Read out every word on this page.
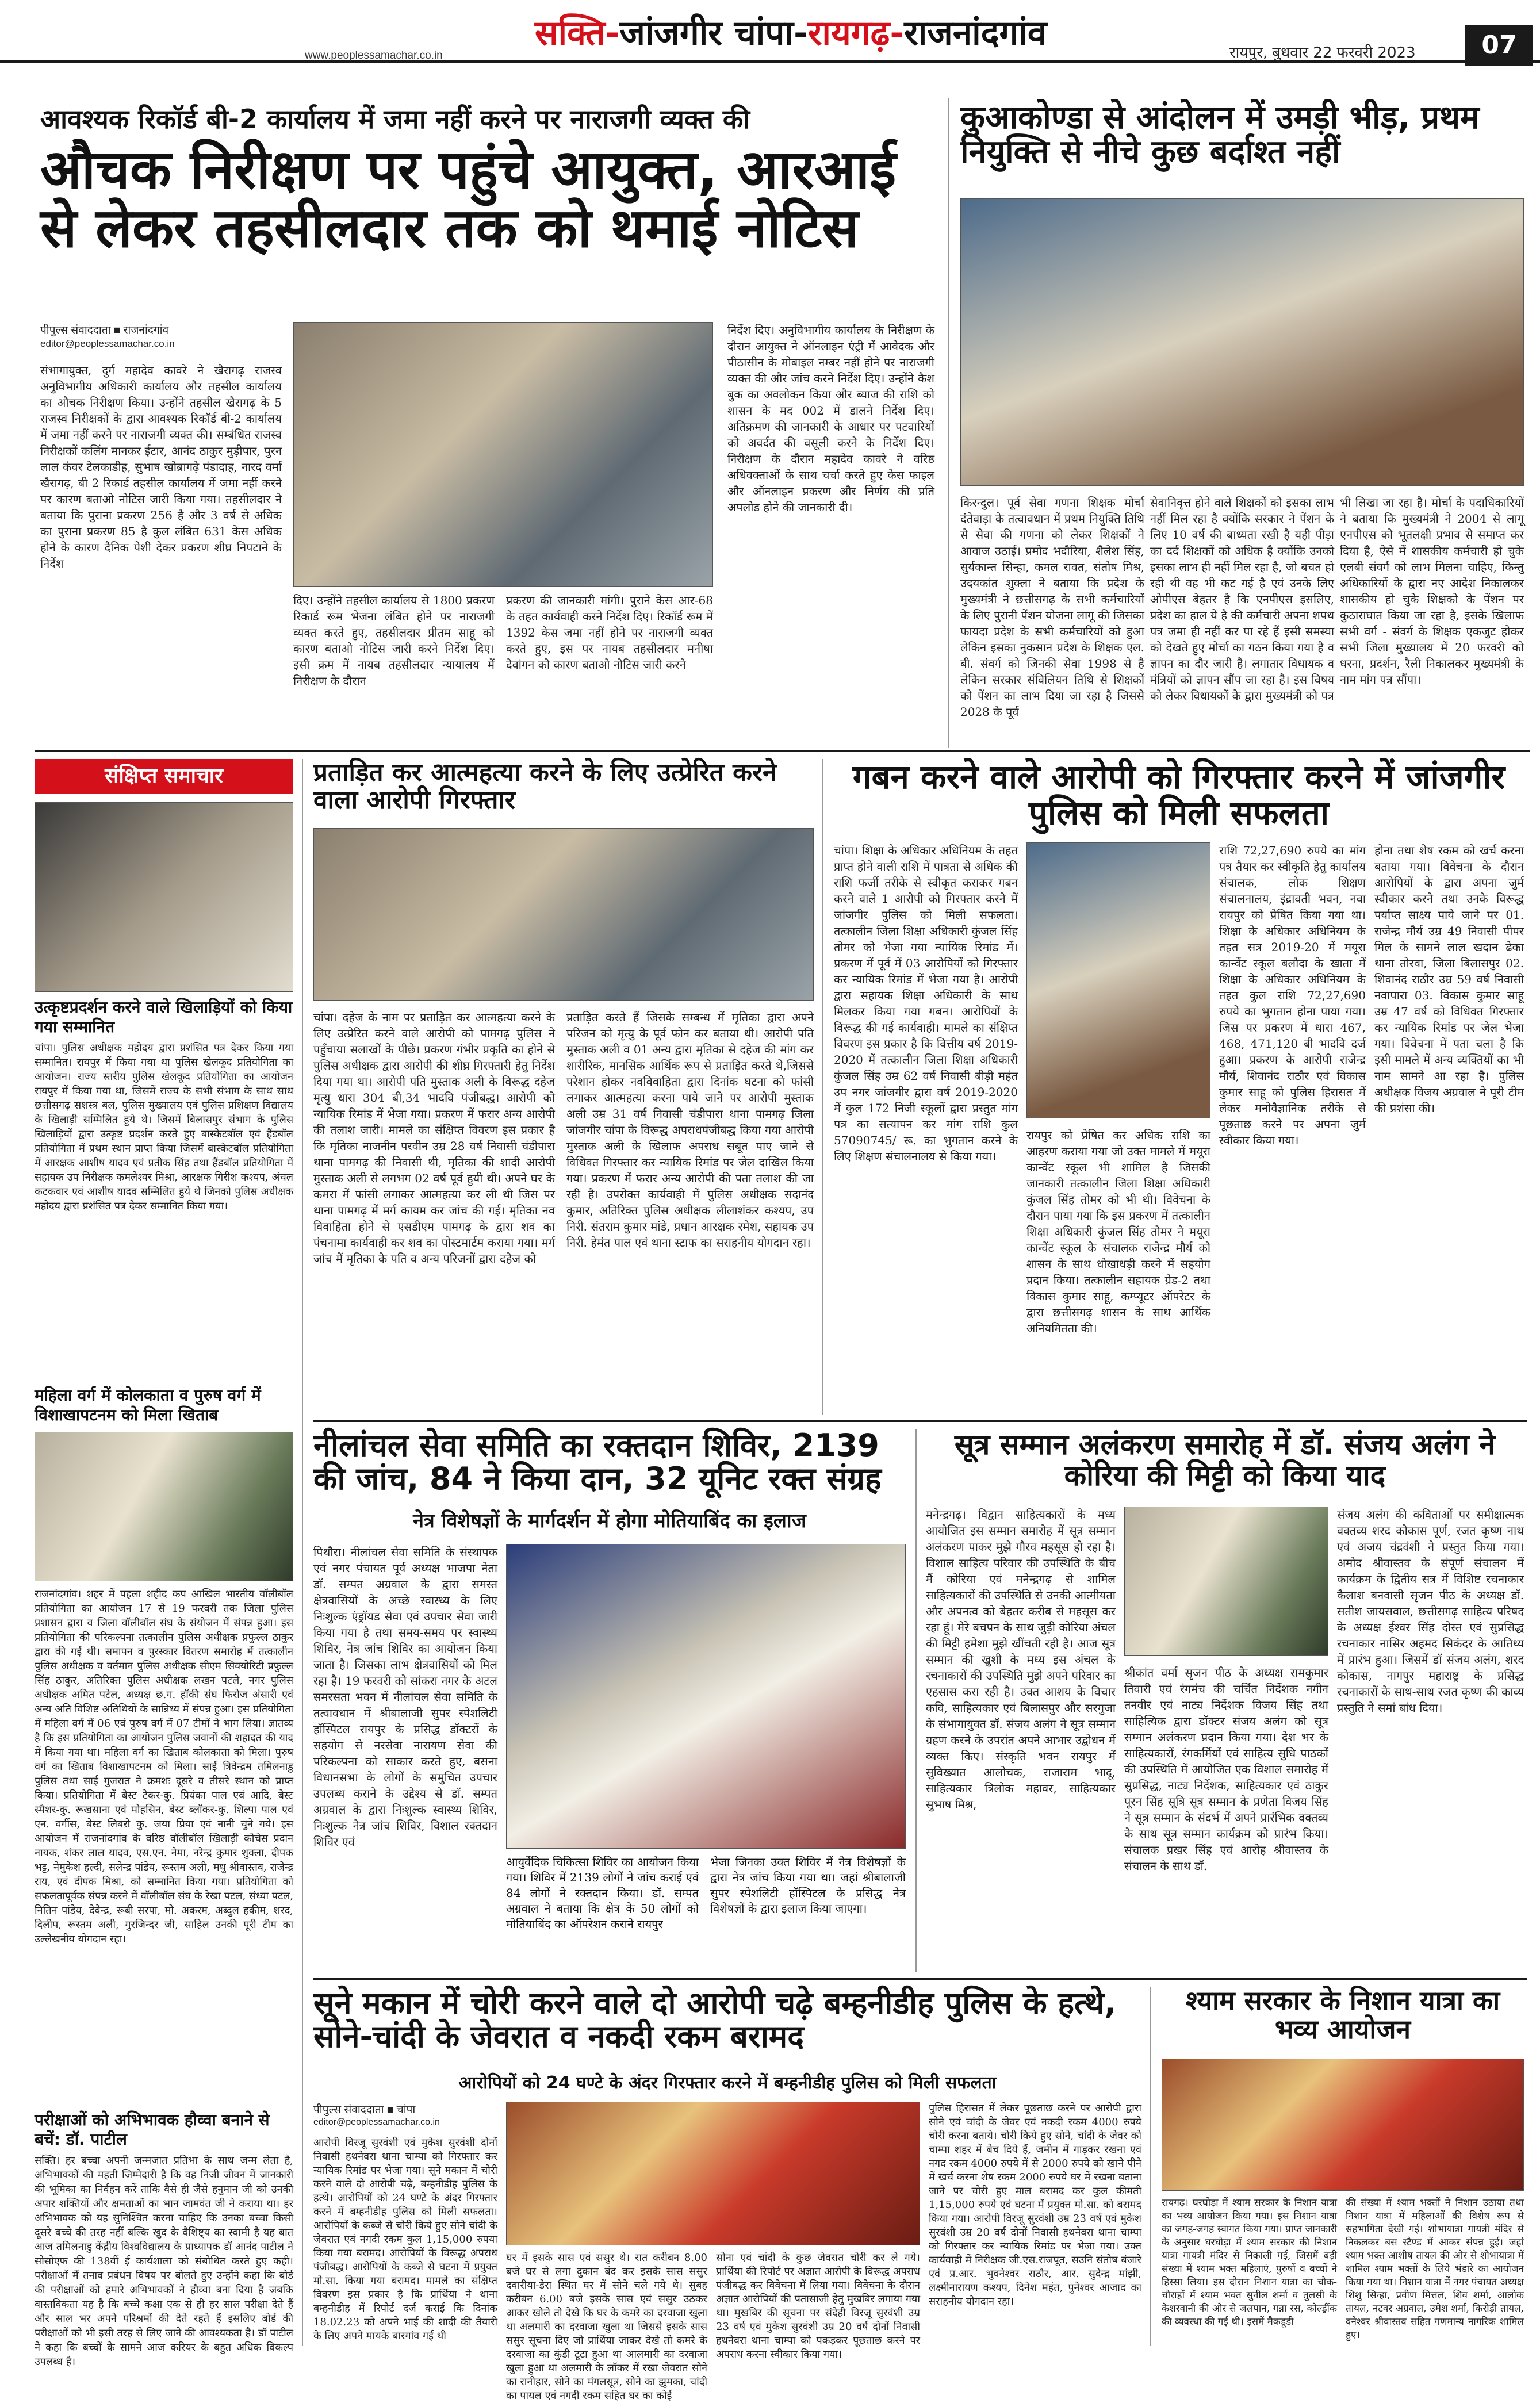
www.peoplessamachar.co.in
सक्ति-जांजगीर चांपा-रायगढ़-राजनांदगांव	रायपुर, बुधवार 22 फरवरी 2023	07
आवश्यक रिकॉर्ड बी-2 कार्यालय में जमा नहीं करने पर नाराजगी व्यक्त की
औचक निरीक्षण पर पहुंचे आयुक्त, आरआई से लेकर तहसीलदार तक को थमाई नोटिस
पीपुल्स संवाददाता ■ राजनांदगांव
editor@peoplessamachar.co.in
संभागायुक्त, दुर्ग महादेव कावरे ने खैरागढ़ राजस्व अनुविभागीय अधिकारी कार्यालय और तहसील कार्यालय का औचक निरीक्षण किया। उन्होंने तहसील खैरागढ़ के 5 राजस्व निरीक्षकों के द्वारा आवश्यक रिकॉर्ड बी-2 कार्यालय में जमा नहीं करने पर नाराजगी व्यक्त की। सम्बंधित राजस्व निरीक्षकों कलिंग मानकर ईटार, आनंद ठाकुर मुड़ीपार, पुरन लाल कंवर टेलकाडीह, सुभाष खोब्रागढ़े पंडादाह, नारद वर्मा खैरागढ़, बी 2 रिकार्ड तहसील कार्यालय में जमा नहीं करने पर कारण बताओ नोटिस जारी किया गया। तहसीलदार ने बताया कि पुराना प्रकरण 256 है और 3 वर्ष से अधिक का पुराना प्रकरण 85 है कुल लंबित 631 केस अधिक होने के कारण दैनिक पेशी देकर प्रकरण शीघ्र निपटाने के निर्देश
दिए। उन्होंने तहसील कार्यालय से 1800 प्रकरण रिकार्ड रूम भेजना लंबित होने पर नाराजगी व्यक्त करते हुए, तहसीलदार प्रीतम साहू को कारण बताओ नोटिस जारी करने निर्देश दिए। इसी क्रम में नायब तहसीलदार न्यायालय में निरीक्षण के दौरान
प्रकरण की जानकारी मांगी। पुराने केस आर-68 के तहत कार्यवाही करने निर्देश दिए। रिकॉर्ड रूम में 1392 केस जमा नहीं होने पर नाराजगी व्यक्त करते हुए, इस पर नायब तहसीलदार मनीषा देवांगन को कारण बताओ नोटिस जारी करने
निर्देश दिए। अनुविभागीय कार्यालय के निरीक्षण के दौरान आयुक्त ने ऑनलाइन एंट्री में आवेदक और पीठासीन के मोबाइल नम्बर नहीं होने पर नाराजगी व्यक्त की और जांच करने निर्देश दिए। उन्होंने कैश बुक का अवलोकन किया और ब्याज की राशि को शासन के मद 002 में डालने निर्देश दिए। अतिक्रमण की जानकारी के आधार पर पटवारियों को अवर्दत की वसूली करने के निर्देश दिए। निरीक्षण के दौरान महादेव कावरे ने वरिष्ठ अधिवक्ताओं के साथ चर्चा करते हुए केस फाइल और ऑनलाइन प्रकरण और निर्णय की प्रति अपलोड होने की जानकारी दी।
कुआकोण्डा से आंदोलन में उमड़ी भीड़, प्रथम नियुक्ति से नीचे कुछ बर्दाश्त नहीं
किरन्दुल। पूर्व सेवा गणना शिक्षक मोर्चा दंतेवाड़ा के तत्वावधान में प्रथम नियुक्ति तिथि से सेवा की गणना को लेकर शिक्षकों ने आवाज उठाई। प्रमोद भदौरिया, शैलेश सिंह, सुर्यकान्त सिन्हा, कमल रावत, संतोष मिश्र, उदयकांत शुक्ला ने बताया कि प्रदेश के मुख्यमंत्री ने छत्तीसगढ़ के सभी कर्मचारियों के लिए पुरानी पेंशन योजना लागू की जिसका फायदा प्रदेश के सभी कर्मचारियों को हुआ लेकिन इसका नुकसान प्रदेश के शिक्षक एल. बी. संवर्ग को जिनकी सेवा 1998 से है लेकिन सरकार संविलियन तिथि से शिक्षकों को पेंशन का लाभ दिया जा रहा है जिससे 2028 के पूर्व
सेवानिवृत्त होने वाले शिक्षकों को इसका लाभ नहीं मिल रहा है क्योंकि सरकार ने पेंशन के लिए 10 वर्ष की बाध्यता रखी है यही पीड़ा का दर्द शिक्षकों को अधिक है क्योंकि उनको इसका लाभ ही नहीं मिल रहा है, जो बचत हो रही थी वह भी कट गई है एवं उनके लिए ओपीएस बेहतर है कि एनपीएस इसलिए, प्रदेश का हाल ये है की कर्मचारी अपना शपथ पत्र जमा ही नहीं कर पा रहे हैं इसी समस्या को देखते हुए मोर्चा का गठन किया गया है व ज्ञापन का दौर जारी है। लगातार विधायक व मंत्रियों को ज्ञापन सौंप जा रहा है। इस विषय को लेकर विधायकों के द्वारा मुख्यमंत्री को पत्र
भी लिखा जा रहा है। मोर्चा के पदाधिकारियों ने बताया कि मुख्यमंत्री ने 2004 से लागू एनपीएस को भूतलक्षी प्रभाव से समाप्त कर दिया है, ऐसे में शासकीय कर्मचारी हो चुके एलबी संवर्ग को लाभ मिलना चाहिए, किन्तु अधिकारियों के द्वारा नए आदेश निकालकर शासकीय हो चुके शिक्षको के पेंशन पर कुठाराघात किया जा रहा है, इसके खिलाफ सभी वर्ग - संवर्ग के शिक्षक एकजुट होकर सभी जिला मुख्यालय में 20 फरवरी को धरना, प्रदर्शन, रैली निकालकर मुख्यमंत्री के नाम मांग पत्र सौंपा।
संक्षिप्त समाचार
उत्कृष्टप्रदर्शन करने वाले खिलाड़ियों को किया गया सम्मानित
चांपा। पुलिस अधीक्षक महोदय द्वारा प्रशंसित पत्र देकर किया गया सम्मानित। रायपुर में किया गया था पुलिस खेलकूद प्रतियोगिता का आयोजन। राज्य स्तरीय पुलिस खेलकूद प्रतियोगिता का आयोजन रायपुर में किया गया था, जिसमें राज्य के सभी संभाग के साथ साथ छत्तीसगढ़ सशस्त्र बल, पुलिस मुख्यालय एवं पुलिस प्रशिक्षण विद्यालय के खिलाड़ी सम्मिलित हुये थे। जिसमें बिलासपुर संभाग के पुलिस खिलाड़ियों द्वारा उत्कृष्ट प्रदर्शन करते हुए बास्केटबॉल एवं हैंडबॉल प्रतियोगिता में प्रथम स्थान प्राप्त किया जिसमें बास्केटबॉल प्रतियोगिता में आरक्षक आशीष यादव एवं प्रतीक सिंह तथा हैंडबॉल प्रतियोगिता में सहायक उप निरीक्षक कमलेश्वर मिश्रा, आरक्षक गिरीश कश्यप, अंचल कटकवार एवं आशीष यादव सम्मिलित हुये थे जिनको पुलिस अधीक्षक महोदय द्वारा प्रशंसित पत्र देकर सम्मानित किया गया।
महिला वर्ग में कोलकाता व पुरुष वर्ग में विशाखापटनम को मिला खिताब
राजनांदगांव। शहर में पहला शहीद कप आखिल भारतीय वॉलीबॉल प्रतियोगिता का आयोजन 17 से 19 फरवरी तक जिला पुलिस प्रशासन द्वारा व जिला वॉलीबॉल संघ के संयोजन में संपन्न हुआ। इस प्रतियोगिता की परिकल्पना तत्कालीन पुलिस अधीक्षक प्रफुल्ल ठाकुर द्वारा की गई थी। समापन व पुरस्कार वितरण समारोह में तत्कालीन पुलिस अधीक्षक व वर्तमान पुलिस अधीक्षक सीएम सिक्योरिटी प्रफुल्ल सिंह ठाकुर, अतिरिक्त पुलिस अधीक्षक लखन पटले, नगर पुलिस अधीक्षक अमित पटेल, अध्यक्ष छ.ग. हॉकी संघ फिरोज अंसारी एवं अन्य अति विशिष्ट अतिथियों के सान्निध्य में संपन्न हुआ। इस प्रतियोगिता में महिला वर्ग में 06 एवं पुरुष वर्ग में 07 टीमों ने भाग लिया। ज्ञातव्य है कि इस प्रतियोगिता का आयोजन पुलिस जवानों की शहादत की याद में किया गया था। महिला वर्ग का खिताब कोलकाता को मिला। पुरुष वर्ग का खिताब विशाखापटनम को मिला। साई त्रिवेन्द्रम तमिलनाडु पुलिस तथा साई गुजरात ने क्रमशः दूसरे व तीसरे स्थान को प्राप्त किया। प्रतियोगिता में बेस्ट टेकर-कु. प्रियंका पाल एवं आदि, बेस्ट स्मैशर-कु. रूखसाना एवं मोहसिन, बेस्ट ब्लॉकर-कु. शिल्पा पाल एवं एन. वर्गीस, बेस्ट लिबरो कु. जया प्रिया एवं नानी चुने गये। इस आयोजन में राजनांदगांव के वरिष्ठ वॉलीबॉल खिलाड़ी कोचेस प्रदान नायक, शंकर लाल यादव, एस.एन. नेमा, नरेन्द्र कुमार शुक्ला, दीपक भट्ट, नेमुकेश हल्दी, सलेन्द्र पांडेय, रूस्तम अली, मधु श्रीवास्तव, राजेन्द्र राय, एवं दीपक मिश्रा, को सम्मानित किया गया। प्रतियोगिता को सफलतापूर्वक संपन्न करने में वॉलीबॉल संघ के रेखा पटल, संध्या पटल, नितिन पांडेय, देवेन्द्र, रूबी सरपा, मो. अकरम, अब्दुल हकीम, शरद, दिलीप, रूस्तम अली, गुरजिन्दर जी, साहिल उनकी पूरी टीम का उल्लेखनीय योगदान रहा।
परीक्षाओं को अभिभावक हौव्वा बनाने से बचें: डॉ. पाटील
सक्ति। हर बच्चा अपनी जन्मजात प्रतिभा के साथ जन्म लेता है, अभिभावकों की महती जिम्मेदारी है कि वह निजी जीवन में जानकारी की भूमिका का निर्वहन करें ताकि वैसे ही जैसे हनुमान जी को उनकी अपार शक्तियों और क्षमताओं का भान जामवंत जी ने कराया था। हर अभिभावक को यह सुनिश्चित करना चाहिए कि उनका बच्चा किसी दूसरे बच्चे की तरह नहीं बल्कि खुद के वैशिष्ट्य का स्वामी है यह बात आज तमिलनाडु केंद्रीय विश्वविद्यालय के प्राध्यापक डॉ आनंद पाटील ने सोसोएफ की 138वीं ई कार्यशाला को संबोधित करते हुए कही। परीक्षाओं में तनाव प्रबंधन विषय पर बोलते हुए उन्होंने कहा कि बोर्ड की परीक्षाओं को हमारे अभिभावकों ने हौव्वा बना दिया है जबकि वास्तविकता यह है कि बच्चे कक्षा एक से ही हर साल परीक्षा देते हैं और साल भर अपने परिश्रमों की देते रहते हैं इसलिए बोर्ड की परीक्षाओं को भी इसी तरह से लिए जाने की आवश्यकता है। डॉ पाटील ने कहा कि बच्चों के सामने आज करियर के बहुत अधिक विकल्प उपलब्ध है।
प्रताड़ित कर आत्महत्या करने के लिए उत्प्रेरित करने वाला आरोपी गिरफ्तार
चांपा। दहेज के नाम पर प्रताड़ित कर आत्महत्या करने के लिए उत्प्रेरित करने वाले आरोपी को पामगढ़ पुलिस ने पहुँचाया सलाखों के पीछे। प्रकरण गंभीर प्रकृति का होने से पुलिस अधीक्षक द्वारा आरोपी की शीघ्र गिरफ्तारी हेतु निर्देश दिया गया था। आरोपी पति मुस्ताक अली के विरूद्ध दहेज मृत्यु धारा 304 बी,34 भादवि पंजीबद्ध। आरोपी को न्यायिक रिमांड में भेजा गया। प्रकरण में फरार अन्य आरोपी की तलाश जारी। मामले का संक्षिप्त विवरण इस प्रकार है कि मृतिका नाजनीन परवीन उम्र 28 वर्ष निवासी चंडीपारा थाना पामगढ़ की निवासी थी, मृतिका की शादी आरोपी मुस्ताक अली से लगभग 02 वर्ष पूर्व हुयी थी। अपने घर के कमरा में फांसी लगाकर आत्महत्या कर ली थी जिस पर थाना पामगढ़ में मर्ग कायम कर जांच की गई। मृतिका नव विवाहिता होने से एसडीएम पामगढ़ के द्वारा शव का पंचनामा कार्यवाही कर शव का पोस्टमार्टम कराया गया। मर्ग जांच में मृतिका के पति व अन्य परिजनों द्वारा दहेज को
प्रताड़ित करते हैं जिसके सम्बन्ध में मृतिका द्वारा अपने परिजन को मृत्यु के पूर्व फोन कर बताया थी। आरोपी पति मुस्ताक अली व 01 अन्य द्वारा मृतिका से दहेज की मांग कर शारीरिक, मानसिक आर्थिक रूप से प्रताड़ित करते थे,जिससे परेशान होकर नवविवाहिता द्वारा दिनांक घटना को फांसी लगाकर आत्महत्या करना पाये जाने पर आरोपी मुस्ताक अली उम्र 31 वर्ष निवासी चंडीपारा थाना पामगढ़ जिला जांजगीर चांपा के विरूद्ध अपराधपंजीबद्ध किया गया आरोपी मुस्ताक अली के खिलाफ अपराध सबूत पाए जाने से विधिवत गिरफ्तार कर न्यायिक रिमांड पर जेल दाखिल किया गया। प्रकरण में फरार अन्य आरोपी की पता तलाश की जा रही है। उपरोक्त कार्यवाही में पुलिस अधीक्षक सदानंद कुमार, अतिरिक्त पुलिस अधीक्षक लीलाशंकर कश्यप, उप निरी. संतराम कुमार मांडे, प्रधान आरक्षक रमेश, सहायक उप निरी. हेमंत पाल एवं थाना स्टाफ का सराहनीय योगदान रहा।
गबन करने वाले आरोपी को गिरफ्तार करने में जांजगीर पुलिस को मिली सफलता
चांपा। शिक्षा के अधिकार अधिनियम के तहत प्राप्त होने वाली राशि में पात्रता से अधिक की राशि फर्जी तरीके से स्वीकृत कराकर गबन करने वाले 1 आरोपी को गिरफ्तार करने में जांजगीर पुलिस को मिली सफलता। तत्कालीन जिला शिक्षा अधिकारी कुंजल सिंह तोमर को भेजा गया न्यायिक रिमांड में। प्रकरण में पूर्व में 03 आरोपियों को गिरफ्तार कर न्यायिक रिमांड में भेजा गया है। आरोपी द्वारा सहायक शिक्षा अधिकारी के साथ मिलकर किया गया गबन। आरोपियों के विरूद्ध की गई कार्यवाही। मामले का संक्षिप्त विवरण इस प्रकार है कि वित्तीय वर्ष 2019-2020 में तत्कालीन जिला शिक्षा अधिकारी कुंजल सिंह उम्र 62 वर्ष निवासी बीड़ी महंत उप नगर जांजगीर द्वारा वर्ष 2019-2020 में कुल 172 निजी स्कूलों द्वारा प्रस्तुत मांग पत्र का सत्यापन कर मांग राशि कुल 57090745/ रू. का भुगतान करने के लिए शिक्षण संचालनालय से किया गया।
रायपुर को प्रेषित कर अधिक राशि का आहरण कराया गया जो उक्त मामले में मयूरा कान्वेंट स्कूल भी शामिल है जिसकी जानकारी तत्कालीन जिला शिक्षा अधिकारी कुंजल सिंह तोमर को भी थी। विवेचना के दौरान पाया गया कि इस प्रकरण में तत्कालीन शिक्षा अधिकारी कुंजल सिंह तोमर ने मयूरा कान्वेंट स्कूल के संचालक राजेन्द्र मौर्य को शासन के साथ धोखाधड़ी करने में सहयोग प्रदान किया। तत्कालीन सहायक ग्रेड-2 तथा विकास कुमार साहू, कम्प्यूटर ऑपरेटर के द्वारा छत्तीसगढ़ शासन के साथ आर्थिक अनियमितता की।
राशि 72,27,690 रुपये का मांग पत्र तैयार कर स्वीकृति हेतु कार्यालय संचालक, लोक शिक्षण संचालनालय, इंद्रावती भवन, नवा रायपुर को प्रेषित किया गया था। शिक्षा के अधिकार अधिनियम के तहत सत्र 2019-20 में मयूरा कान्वेंट स्कूल बलौदा के खाता में शिक्षा के अधिकार अधिनियम के तहत कुल राशि 72,27,690 रुपये का भुगतान होना पाया गया। जिस पर प्रकरण में धारा 467, 468, 471,120 बी भादवि दर्ज हुआ। प्रकरण के आरोपी राजेन्द्र मौर्य, शिवानंद राठौर एवं विकास कुमार साहू को पुलिस हिरासत में लेकर मनोवैज्ञानिक तरीके से पूछताछ करने पर अपना जुर्म स्वीकार किया गया।
होना तथा शेष रकम को खर्च करना बताया गया। विवेचना के दौरान आरोपियों के द्वारा अपना जुर्म स्वीकार करने तथा उनके विरूद्ध पर्याप्त साक्ष्य पाये जाने पर 01. राजेन्द्र मौर्य उम्र 49 निवासी पीपर मिल के सामने लाल खदान ढेका थाना तोरवा, जिला बिलासपुर 02. शिवानंद राठौर उम्र 59 वर्ष निवासी नवापारा 03. विकास कुमार साहू उम्र 47 वर्ष को विधिवत गिरफ्तार कर न्यायिक रिमांड पर जेल भेजा गया। विवेचना में पता चला है कि इसी मामले में अन्य व्यक्तियों का भी नाम सामने आ रहा है। पुलिस अधीक्षक विजय अग्रवाल ने पूरी टीम की प्रशंसा की।
नीलांचल सेवा समिति का रक्तदान शिविर, 2139 की जांच, 84 ने किया दान, 32 यूनिट रक्त संग्रह
नेत्र विशेषज्ञों के मार्गदर्शन में होगा मोतियाबिंद का इलाज
पिथौरा। नीलांचल सेवा समिति के संस्थापक एवं नगर पंचायत पूर्व अध्यक्ष भाजपा नेता डॉ. सम्पत अग्रवाल के द्वारा समस्त क्षेत्रवासियों के अच्छे स्वास्थ्य के लिए निःशुल्क एंड्रॉयड सेवा एवं उपचार सेवा जारी किया गया है तथा समय-समय पर स्वास्थ्य शिविर, नेत्र जांच शिविर का आयोजन किया जाता है। जिसका लाभ क्षेत्रवासियों को मिल रहा है। 19 फरवरी को सांकरा नगर के अटल समरसता भवन में नीलांचल सेवा समिति के तत्वावधान में श्रीबालाजी सुपर स्पेशलिटी हॉस्पिटल रायपुर के प्रसिद्ध डॉक्टरों के सहयोग से नरसेवा नारायण सेवा की परिकल्पना को साकार करते हुए, बसना विधानसभा के लोगों के समुचित उपचार उपलब्ध कराने के उद्देश्य से डॉ. सम्पत अग्रवाल के द्वारा निःशुल्क स्वास्थ्य शिविर, निःशुल्क नेत्र जांच शिविर, विशाल रक्तदान शिविर एवं
आयुर्वेदिक चिकित्सा शिविर का आयोजन किया गया। शिविर में 2139 लोगों ने जांच कराई एवं 84 लोगों ने रक्तदान किया। डॉ. सम्पत अग्रवाल ने बताया कि क्षेत्र के 50 लोगों को मोतियाबिंद का ऑपरेशन कराने रायपुर
भेजा जिनका उक्त शिविर में नेत्र विशेषज्ञों के द्वारा नेत्र जांच किया गया था। जहां श्रीबालाजी सुपर स्पेशलिटी हॉस्पिटल के प्रसिद्ध नेत्र विशेषज्ञों के द्वारा इलाज किया जाएगा।
सूत्र सम्मान अलंकरण समारोह में डॉ. संजय अलंग ने कोरिया की मिट्टी को किया याद
मनेन्द्रगढ़। विद्वान साहित्यकारों के मध्य आयोजित इस सम्मान समारोह में सूत्र सम्मान अलंकरण पाकर मुझे गौरव महसूस हो रहा है। विशाल साहित्य परिवार की उपस्थिति के बीच मैं कोरिया एवं मनेन्द्रगढ़ से शामिल साहित्यकारों की उपस्थिति से उनकी आत्मीयता और अपनत्व को बेहतर करीब से महसूस कर रहा हूं। मेरे बचपन के साथ जुड़ी कोरिया अंचल की मिट्टी हमेशा मुझे खींचती रही है। आज सूत्र सम्मान की खुशी के मध्य इस अंचल के रचनाकारों की उपस्थिति मुझे अपने परिवार का एहसास करा रही है। उक्त आशय के विचार कवि, साहित्यकार एवं बिलासपुर और सरगुजा के संभागायुक्त डॉ. संजय अलंग ने सूत्र सम्मान ग्रहण करने के उपरांत अपने आभार उद्बोधन में व्यक्त किए। संस्कृति भवन रायपुर में सुविख्यात आलोचक, राजाराम भादू, साहित्यकार त्रिलोक महावर, साहित्यकार सुभाष मिश्र,
श्रीकांत वर्मा सृजन पीठ के अध्यक्ष रामकुमार तिवारी एवं रंगमंच की चर्चित निर्देशक नगीन तनवीर एवं नाट्य निर्देशक विजय सिंह तथा साहित्यिक द्वारा डॉक्टर संजय अलंग को सूत्र सम्मान अलंकरण प्रदान किया गया। देश भर के साहित्यकारों, रंगकर्मियों एवं साहित्य सुधि पाठकों की उपस्थिति में आयोजित एक विशाल समारोह में सुप्रसिद्ध, नाट्य निर्देशक, साहित्यकार एवं ठाकुर पूरन सिंह सूत्रि सूत्र सम्मान के प्रणेता विजय सिंह ने सूत्र सम्मान के संदर्भ में अपने प्रारंभिक वक्तव्य के साथ सूत्र सम्मान कार्यक्रम को प्रारंभ किया। संचालक प्रखर सिंह एवं आरोह श्रीवास्तव के संचालन के साथ डॉ.
संजय अलंग की कविताओं पर समीक्षात्मक वक्तव्य शरद कोकास पूर्ण, रजत कृष्ण नाथ एवं अजय चंद्रवंशी ने प्रस्तुत किया गया। अमोद श्रीवास्तव के संपूर्ण संचालन में कार्यक्रम के द्वितीय सत्र में विशिष्ट रचनाकार कैलाश बनवासी सृजन पीठ के अध्यक्ष डॉ. सतीश जायसवाल, छत्तीसगढ़ साहित्य परिषद के अध्यक्ष ईश्वर सिंह दोस्त एवं सुप्रसिद्ध रचनाकार नासिर अहमद सिकंदर के आतिथ्य में प्रारंभ हुआ। जिसमें डॉ संजय अलंग, शरद कोकास, नागपुर महाराष्ट्र के प्रसिद्ध रचनाकारों के साथ-साथ रजत कृष्ण की काव्य प्रस्तुति ने समां बांध दिया।
सूने मकान में चोरी करने वाले दो आरोपी चढ़े बम्हनीडीह पुलिस के हत्थे, सोने-चांदी के जेवरात व नकदी रकम बरामद
आरोपियों को 24 घण्टे के अंदर गिरफ्तार करने में बम्हनीडीह पुलिस को मिली सफलता
पीपुल्स संवाददाता ■ चांपा
editor@peoplessamachar.co.in
आरोपी विरजू सुरवंशी एवं मुकेश सुरवंशी दोनों निवासी हथनेवरा थाना चाम्पा को गिरफ्तार कर न्यायिक रिमांड पर भेजा गया। सूने मकान में चोरी करने वाले दो आरोपी चढ़े, बम्हनीडीह पुलिस के हत्थे। आरोपियों को 24 घण्टे के अंदर गिरफ्तार करने में बम्हनीडीह पुलिस को मिली सफलता। आरोपियों के कब्जे से चोरी किये हुए सोने चांदी के जेवरात एवं नगदी रकम कुल 1,15,000 रुपया किया गया बरामद। आरोपियों के विरूद्ध अपराध पंजीबद्ध। आरोपियों के कब्जे से घटना में प्रयुक्त मो.सा. किया गया बरामद। मामले का संक्षिप्त विवरण इस प्रकार है कि प्रार्थिया ने थाना बम्हनीडीह में रिपोर्ट दर्ज कराई कि दिनांक 18.02.23 को अपने भाई की शादी की तैयारी के लिए अपने मायके बारगांव गई थी
घर में इसके सास एवं ससुर थे। रात करीबन 8.00 बजे घर से लगा दुकान बंद कर इसके सास ससुर दवारीया-डेरा स्थित घर में सोने चले गये थे। सुबह करीबन 6.00 बजे इसके सास एवं ससुर उठकर आकर खोले तो देखे कि घर के कमरे का दरवाजा खुला था अलमारी का दरवाजा खुला था जिससे इसके सास ससुर सूचना दिए जो प्रार्थिया जाकर देखे तो कमरे के दरवाजा का कुंडी टूटा हुआ था आलमारी का दरवाजा खुला हुआ था अलमारी के लॉकर में रखा जेवरात सोने का रानीहार, सोने का मंगलसूत्र, सोने का झुमका, चांदी का पायल एवं नगदी रकम सहित घर का कोई
सोना एवं चांदी के कुछ जेवरात चोरी कर ले गये। प्रार्थिया की रिपोर्ट पर अज्ञात आरोपी के विरूद्ध अपराध पंजीबद्ध कर विवेचना में लिया गया। विवेचना के दौरान अज्ञात आरोपियों की पतासाजी हेतु मुखबिर लगाया गया था। मुखबिर की सूचना पर संदेही विरजू सुरवंशी उम्र 23 वर्ष एवं मुकेश सुरवंशी उम्र 20 वर्ष दोनों निवासी हथनेवरा थाना चाम्पा को पकड़कर पूछताछ करने पर अपराध करना स्वीकार किया गया।
पुलिस हिरासत में लेकर पूछताछ करने पर आरोपी द्वारा सोने एवं चांदी के जेवर एवं नकदी रकम 4000 रुपये चोरी करना बताये। चोरी किये हुए सोने, चांदी के जेवर को चाम्पा शहर में बेच दिये हैं, जमीन में गाड़कर रखना एवं नगद रकम 4000 रुपये में से 2000 रुपये को खाने पीने में खर्च करना शेष रकम 2000 रुपये घर में रखना बताना जाने पर चोरी हुए माल बरामद कर कुल कीमती 1,15,000 रुपये एवं घटना में प्रयुक्त मो.सा. को बरामद किया गया। आरोपी विरजू सुरवंशी उम्र 23 वर्ष एवं मुकेश सुरवंशी उम्र 20 वर्ष दोनों निवासी हथनेवरा थाना चाम्पा को गिरफ्तार कर न्यायिक रिमांड पर भेजा गया। उक्त कार्यवाही में निरीक्षक जी.एस.राजपूत, सउनि संतोष बंजारे एवं प्र.आर. भुवनेश्वर राठौर, आर. सुदेन्द्र मांझी, लक्ष्मीनारायण कश्यप, दिनेश महंत, पुनेश्वर आजाद का सराहनीय योगदान रहा।
श्याम सरकार के निशान यात्रा का भव्य आयोजन
रायगढ़। घरघोड़ा में श्याम सरकार के निशान यात्रा का भव्य आयोजन किया गया। इस निशान यात्रा का जगह-जगह स्वागत किया गया। प्राप्त जानकारी के अनुसार घरघोड़ा में श्याम सरकार की निशान यात्रा गायत्री मंदिर से निकाली गई, जिसमें बड़ी संख्या में श्याम भक्त महिलाएं, पुरुषों व बच्चों ने हिस्सा लिया। इस दौरान निशान यात्रा का चौक-चौराहों में श्याम भक्त सुनील शर्मा व तुलसी के केशरवानी की ओर से जलपान, गन्ना रस, कोल्ड्रींक की व्यवस्था की गई थी। इसमें मैकडूडी
की संख्या में श्याम भक्तों ने निशान उठाया तथा निशान यात्रा में महिलाओं की विशेष रूप से सहभागिता देखी गई। शोभायात्रा गायत्री मंदिर से निकलकर बस स्टैण्ड में आकर संपन्न हुई। जहां श्याम भक्त आशीष तायल की ओर से शोभायात्रा में शामिल श्याम भक्तों के लिये भंडारे का आयोजन किया गया था। निशान यात्रा में नगर पंचायत अध्यक्ष शिशु सिन्हा, प्रवीण मित्तल, शिव शर्मा, आलोक तायल, नटवर अग्रवाल, उमेश शर्मा, किरोड़ी तायल, वनेश्वर श्रीवास्तव सहित गणमान्य नागरिक शामिल हुए।
